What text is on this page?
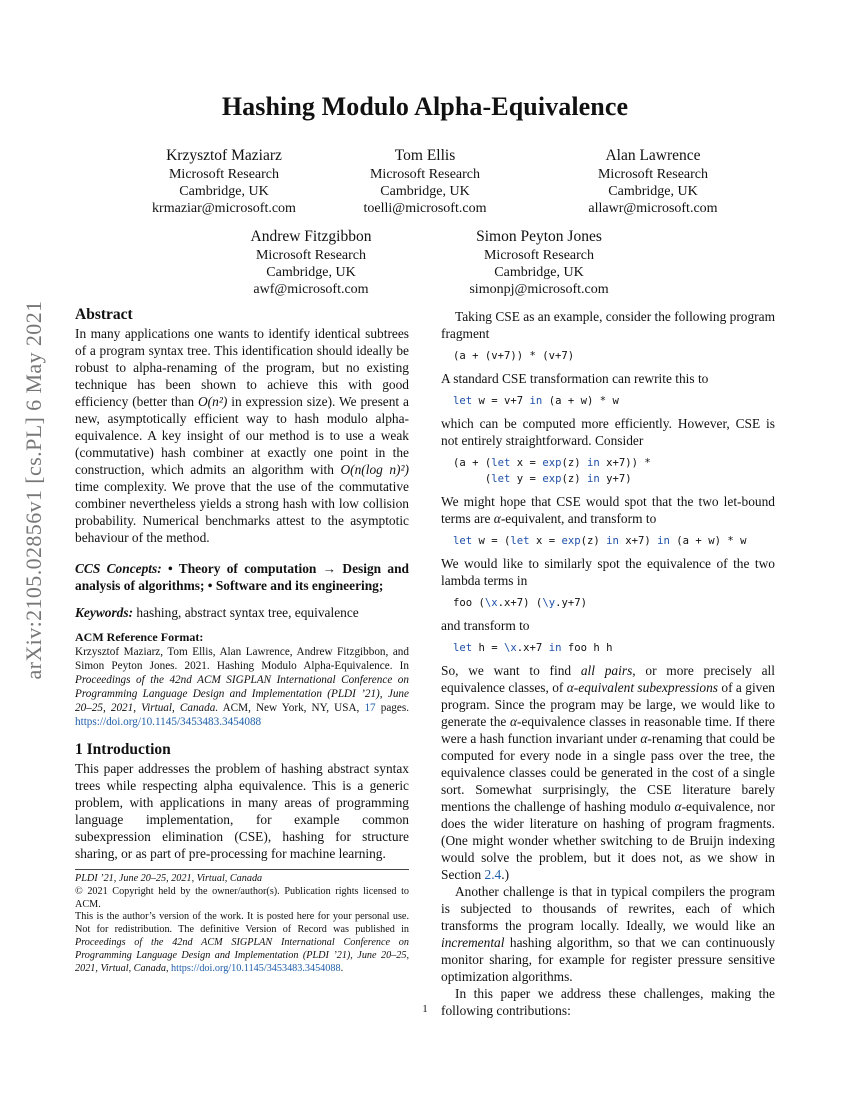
Hashing Modulo Alpha-Equivalence
arXiv:2105.02856v1 [cs.PL] 6 May 2021
Krzysztof Maziarz
Microsoft Research
Cambridge, UK
krmaziar@microsoft.com
Tom Ellis
Microsoft Research
Cambridge, UK
toelli@microsoft.com
Alan Lawrence
Microsoft Research
Cambridge, UK
allawr@microsoft.com
Andrew Fitzgibbon
Microsoft Research
Cambridge, UK
awf@microsoft.com
Simon Peyton Jones
Microsoft Research
Cambridge, UK
simonpj@microsoft.com
Abstract

In many applications one wants to identify identical subtrees of a program syntax tree. This identification should ideally be robust to alpha-renaming of the program, but no existing technique has been shown to achieve this with good efficiency (better than O(n²) in expression size). We present a new, asymptotically efficient way to hash modulo alpha-equivalence. A key insight of our method is to use a weak (commutative) hash combiner at exactly one point in the construction, which admits an algorithm with O(n(log n)²) time complexity. We prove that the use of the commutative combiner nevertheless yields a strong hash with low collision probability. Numerical benchmarks attest to the asymptotic behaviour of the method.

CCS Concepts: • Theory of computation → Design and analysis of algorithms; • Software and its engineering;

Keywords: hashing, abstract syntax tree, equivalence

ACM Reference Format:

Krzysztof Maziarz, Tom Ellis, Alan Lawrence, Andrew Fitzgibbon, and Simon Peyton Jones. 2021. Hashing Modulo Alpha-Equivalence. In Proceedings of the 42nd ACM SIGPLAN International Conference on Programming Language Design and Implementation (PLDI ’21), June 20–25, 2021, Virtual, Canada. ACM, New York, NY, USA, 17 pages. https://doi.org/10.1145/3453483.3454088

1 Introduction

This paper addresses the problem of hashing abstract syntax trees while respecting alpha equivalence. This is a generic problem, with applications in many areas of programming language implementation, for example common subexpression elimination (CSE), hashing for structure sharing, or as part of pre-processing for machine learning.

PLDI ’21, June 20–25, 2021, Virtual, Canada
© 2021 Copyright held by the owner/author(s). Publication rights licensed to ACM.
This is the author’s version of the work. It is posted here for your personal use. Not for redistribution. The definitive Version of Record was published in Proceedings of the 42nd ACM SIGPLAN International Conference on Programming Language Design and Implementation (PLDI ’21), June 20–25, 2021, Virtual, Canada, https://doi.org/10.1145/3453483.3454088.

Taking CSE as an example, consider the following program fragment

(a + (v+7)) * (v+7)

A standard CSE transformation can rewrite this to

let w = v+7 in (a + w) * w

which can be computed more efficiently. However, CSE is not entirely straightforward. Consider

(a + (let x = exp(z) in x+7)) *
(let y = exp(z) in y+7)

We might hope that CSE would spot that the two let-bound terms are α-equivalent, and transform to

let w = (let x = exp(z) in x+7) in (a + w) * w

We would like to similarly spot the equivalence of the two lambda terms in

foo (\x.x+7) (\y.y+7)

and transform to

let h = \x.x+7 in foo h h

So, we want to find all pairs, or more precisely all equivalence classes, of α-equivalent subexpressions of a given program. Since the program may be large, we would like to generate the α-equivalence classes in reasonable time. If there were a hash function invariant under α-renaming that could be computed for every node in a single pass over the tree, the equivalence classes could be generated in the cost of a single sort. Somewhat surprisingly, the CSE literature barely mentions the challenge of hashing modulo α-equivalence, nor does the wider literature on hashing of program fragments. (One might wonder whether switching to de Bruijn indexing would solve the problem, but it does not, as we show in Section 2.4.)

Another challenge is that in typical compilers the program is subjected to thousands of rewrites, each of which transforms the program locally. Ideally, we would like an incremental hashing algorithm, so that we can continuously monitor sharing, for example for register pressure sensitive optimization algorithms.

In this paper we address these challenges, making the following contributions:

1
